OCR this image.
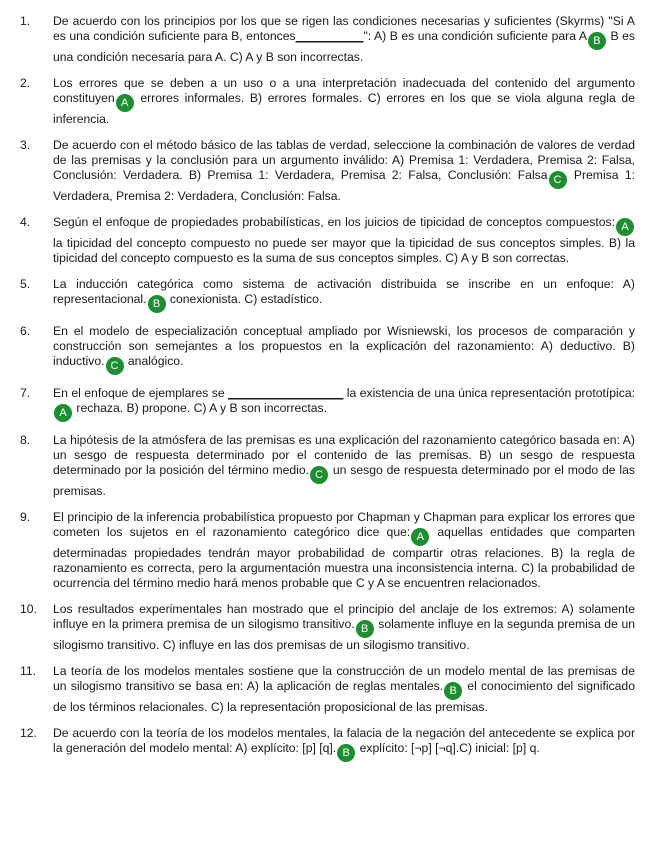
1.	De acuerdo con los principios por los que se rigen las condiciones necesarias y suficientes (Skyrms) "Si A es una condición suficiente para B, entonces__________": A) B es una condición suficiente para A B B es una condición necesaria para A. C) A y B son incorrectas.
2.	Los errores que se deben a un uso o a una interpretación inadecuada del contenido del argumento constituyen A errores informales. B) errores formales. C) errores en los que se viola alguna regla de inferencia.
3.	De acuerdo con el método básico de las tablas de verdad, seleccione la combinación de valores de verdad de las premisas y la conclusión para un argumento inválido: A) Premisa 1: Verdadera, Premisa 2: Falsa, Conclusión: Verdadera. B) Premisa 1: Verdadera, Premisa 2: Falsa, Conclusión: Falsa C Premisa 1: Verdadera, Premisa 2: Verdadera, Conclusión: Falsa.
4.	Según el enfoque de propiedades probabilísticas, en los juicios de tipicidad de conceptos compuestos: A la tipicidad del concepto compuesto no puede ser mayor que la tipicidad de sus conceptos simples. B) la tipicidad del concepto compuesto es la suma de sus conceptos simples. C) A y B son correctas.
5.	La inducción categórica como sistema de activación distribuida se inscribe en un enfoque: A) representacional. B conexionista. C) estadístico.
6.	En el modelo de especialización conceptual ampliado por Wisniewski, los procesos de comparación y construcción son semejantes a los propuestos en la explicación del razonamiento: A) deductivo. B) inductivo. C analógico.
7.	En el enfoque de ejemplares se _________________ la existencia de una única representación prototípica:A rechaza. B) propone. C) A y B son incorrectas.
8.	La hipótesis de la atmósfera de las premisas es una explicación del razonamiento categórico basada en: A) un sesgo de respuesta determinado por el contenido de las premisas. B) un sesgo de respuesta determinado por la posición del término medio. C un sesgo de respuesta determinado por el modo de las premisas.
9.	El principio de la inferencia probabilística propuesto por Chapman y Chapman para explicar los errores que cometen los sujetos en el razonamiento categórico dice que: A aquellas entidades que comparten determinadas propiedades tendrán mayor probabilidad de compartir otras relaciones. B) la regla de razonamiento es correcta, pero la argumentación muestra una inconsistencia interna. C) la probabilidad de ocurrencia del término medio hará menos probable que C y A se encuentren relacionados.
10.	Los resultados experimentales han mostrado que el principio del anclaje de los extremos: A) solamente influye en la primera premisa de un silogismo transitivo. B solamente influye en la segunda premisa de un silogismo transitivo. C) influye en las dos premisas de un silogismo transitivo.
11.	La teoría de los modelos mentales sostiene que la construcción de un modelo mental de las premisas de un silogismo transitivo se basa en: A) la aplicación de reglas mentales. B el conocimiento del significado de los términos relacionales. C) la representación proposicional de las premisas.
12.	De acuerdo con la teoría de los modelos mentales, la falacia de la negación del antecedente se explica por la generación del modelo mental: A) explícito: [p] [q]. B explícito: [¬p] [¬q].C) inicial: [p] q.
